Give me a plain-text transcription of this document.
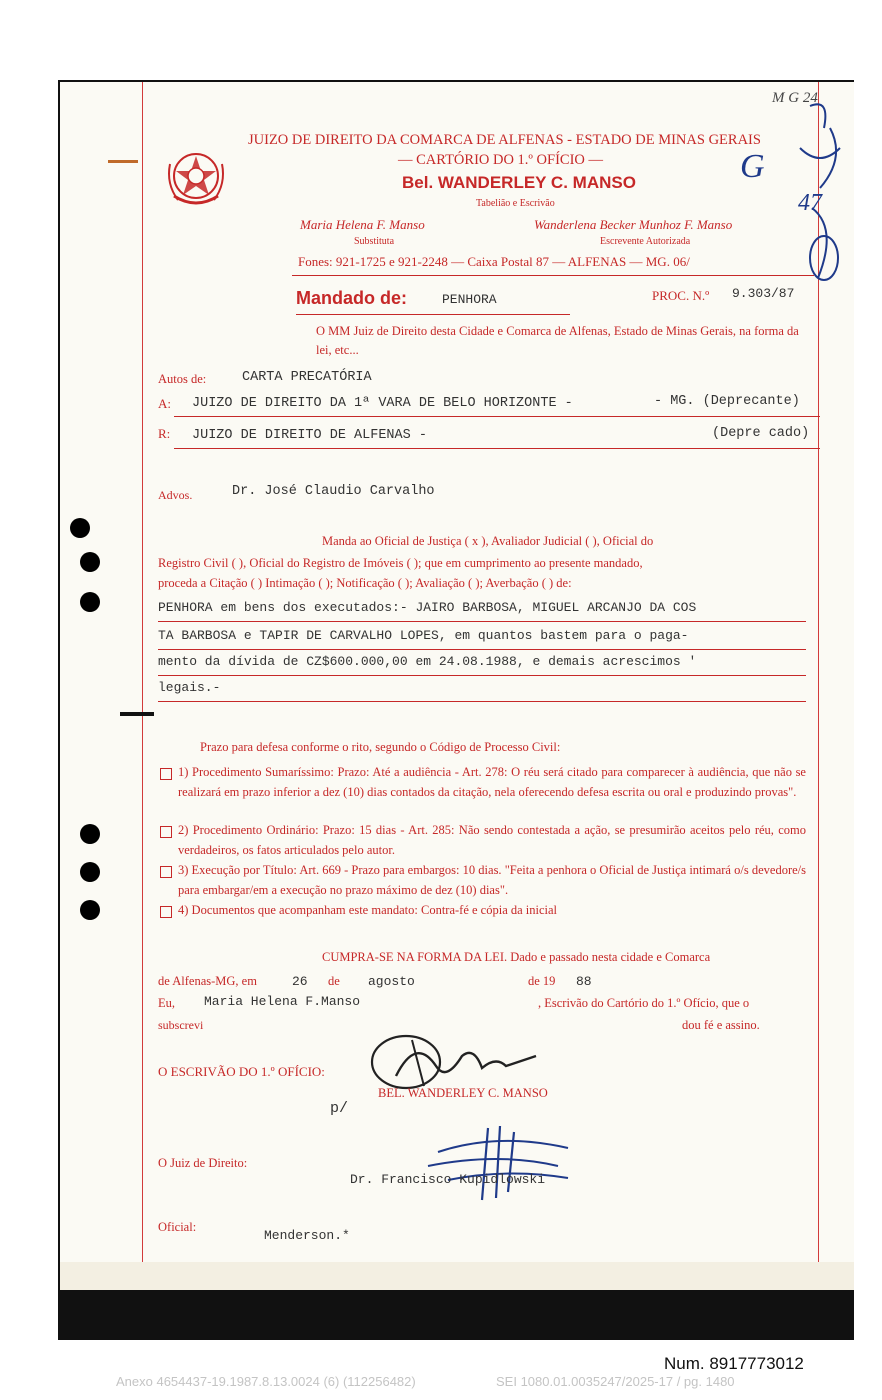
JUIZO DE DIREITO DA COMARCA DE ALFENAS - ESTADO DE MINAS GERAIS
— CARTÓRIO DO 1.º OFÍCIO —
Bel. WANDERLEY C. MANSO
Tabelião e Escrivão
Maria Helena F. Manso
Substituta
Wanderlena Becker Munhoz F. Manso
Escrevente Autorizada
Fones: 921-1725 e 921-2248 — Caixa Postal 87 — ALFENAS — MG. 06/
M G 24
47
G
Mandado de:	PENHORA	PROC. N.º 9.303/87
O MM Juiz de Direito desta Cidade e Comarca de Alfenas, Estado de Minas Gerais, na forma da lei, etc...
Autos de:	CARTA PRECATÓRIA
A: JUIZO DE DIREITO DA 1ª VARA DE BELO HORIZONTE -	- MG. (Deprecante)
R: JUIZO DE DIREITO DE ALFENAS -	(Depre cado)
Advos.	Dr. José Claudio Carvalho
Manda ao Oficial de Justiça ( x ), Avaliador Judicial ( ), Oficial do
Registro Civil ( ), Oficial do Registro de Imóveis ( ); que em cumprimento ao presente mandado,
proceda a Citação ( ) Intimação ( ); Notificação ( ); Avaliação ( ); Averbação ( ) de:
PENHORA em bens dos executados:- JAIRO BARBOSA, MIGUEL ARCANJO DA COS
TA BARBOSA e TAPIR DE CARVALHO LOPES, em quantos bastem para o paga-
mento da dívida de CZ$600.000,00 em 24.08.1988, e demais acrescimos '
legais.-
Prazo para defesa conforme o rito, segundo o Código de Processo Civil:
1) Procedimento Sumaríssimo: Prazo: Até a audiência - Art. 278: O réu será citado para comparecer à audiência, que não se realizará em prazo inferior a dez (10) dias contados da citação, nela oferecendo defesa escrita ou oral e produzindo provas".
2) Procedimento Ordinário: Prazo: 15 dias - Art. 285: Não sendo contestada a ação, se presumirão aceitos pelo réu, como verdadeiros, os fatos articulados pelo autor.
3) Execução por Título: Art. 669 - Prazo para embargos: 10 dias. "Feita a penhora o Oficial de Justiça intimará o/s devedore/s para embargar/em a execução no prazo máximo de dez (10) dias".
4) Documentos que acompanham este mandato: Contra-fé e cópia da inicial
CUMPRA-SE NA FORMA DA LEI. Dado e passado nesta cidade e Comarca
de Alfenas-MG, em	26 de agosto	de 19 88
Eu, Maria Helena F.Manso	, Escrivão do Cartório do 1.º Ofício, que o
subscrevi	dou fé e assino.
O ESCRIVÃO DO 1.º OFÍCIO:
BEL. WANDERLEY C. MANSO
p/
O Juiz de Direito:
Dr. Francisco Kupidlowski
Oficial:
Menderson.*
Num. 8917773012
Anexo 4654437-19.1987.8.13.0024 (6) (112256482)	SEI 1080.01.0035247/2025-17 / pg. 1480
